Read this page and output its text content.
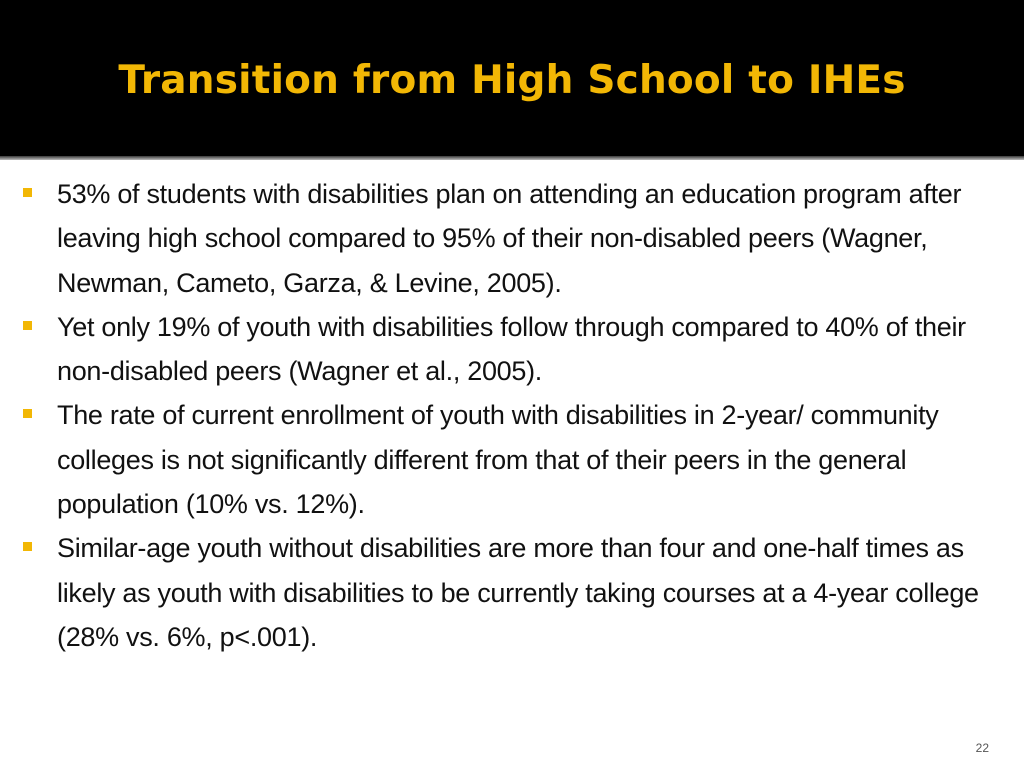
Transition from High School to IHEs
53% of students with disabilities plan on attending an education program after leaving high school compared to 95% of their non-disabled peers (Wagner, Newman, Cameto, Garza, & Levine, 2005).
Yet only 19% of youth with disabilities follow through compared to 40% of their non-disabled peers (Wagner et al., 2005).
The rate of current enrollment of youth with disabilities in 2-year/ community colleges is not significantly different from that of their peers in the general population (10% vs. 12%).
Similar-age youth without disabilities are more than four and one-half times as likely as youth with disabilities to be currently taking courses at a 4-year college (28% vs. 6%, p<.001).
22
